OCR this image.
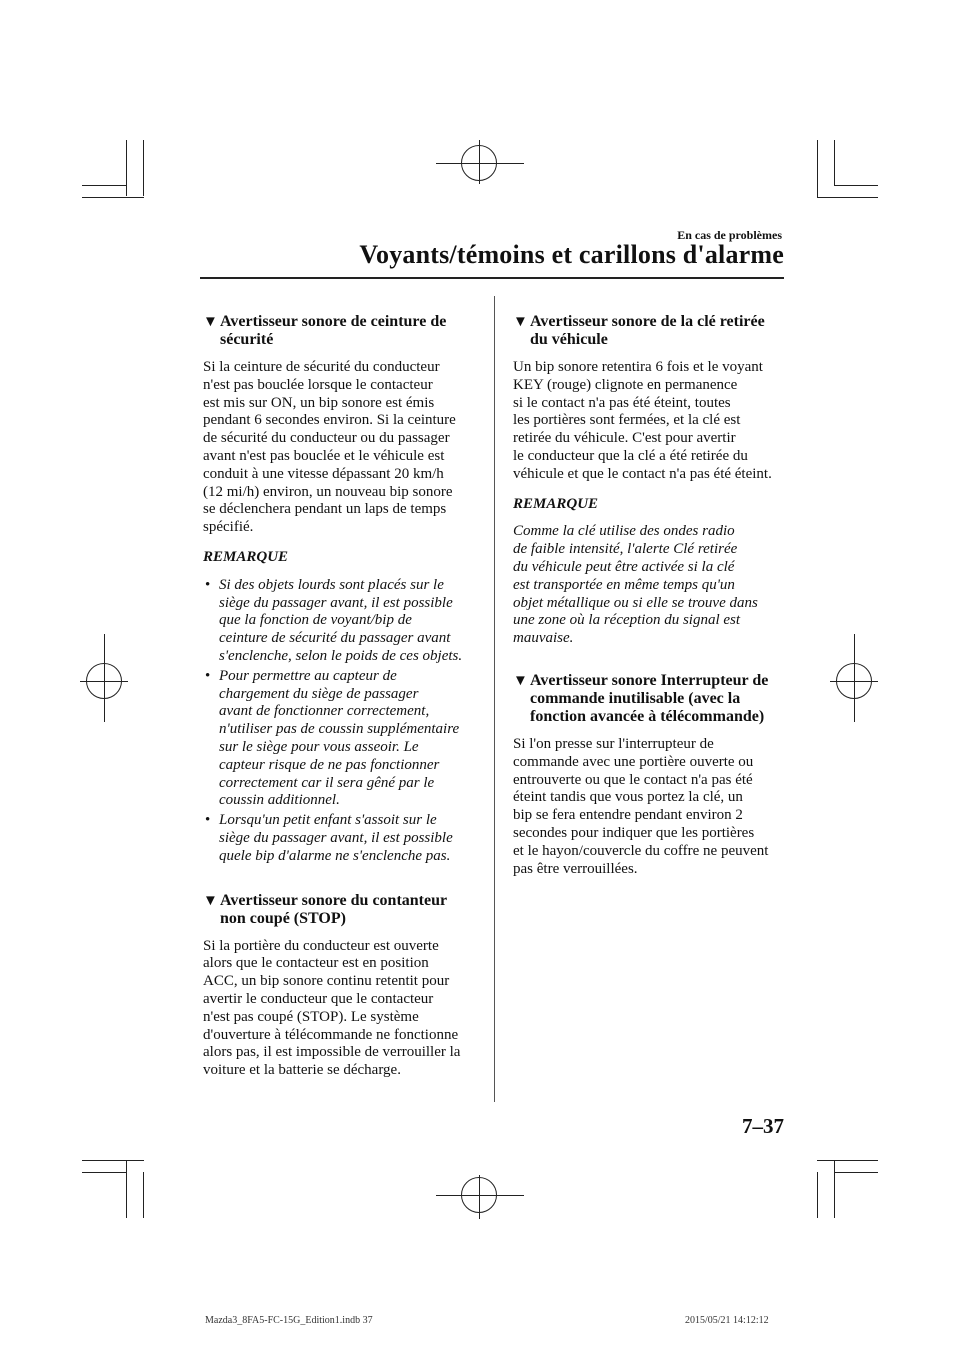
En cas de problèmes
Voyants/témoins et carillons d'alarme
▼ Avertisseur sonore de ceinture de
sécurité
Si la ceinture de sécurité du conducteur
n'est pas bouclée lorsque le contacteur
est mis sur ON, un bip sonore est émis
pendant 6 secondes environ. Si la ceinture
de sécurité du conducteur ou du passager
avant n'est pas bouclée et le véhicule est
conduit à une vitesse dépassant 20 km/h
(12 mi/h) environ, un nouveau bip sonore
se déclenchera pendant un laps de temps
spécifié.
REMARQUE
• Si des objets lourds sont placés sur le
siège du passager avant, il est possible
que la fonction de voyant/bip de
ceinture de sécurité du passager avant
s'enclenche, selon le poids de ces objets.
• Pour permettre au capteur de
chargement du siège de passager
avant de fonctionner correctement,
n'utiliser pas de coussin supplémentaire
sur le siège pour vous asseoir. Le
capteur risque de ne pas fonctionner
correctement car il sera gêné par le
coussin additionnel.
• Lorsqu'un petit enfant s'assoit sur le
siège du passager avant, il est possible
quele bip d'alarme ne s'enclenche pas.
▼ Avertisseur sonore du contanteur
non coupé (STOP)
Si la portière du conducteur est ouverte
alors que le contacteur est en position
ACC, un bip sonore continu retentit pour
avertir le conducteur que le contacteur
n'est pas coupé (STOP). Le système
d'ouverture à télécommande ne fonctionne
alors pas, il est impossible de verrouiller la
voiture et la batterie se décharge.
▼ Avertisseur sonore de la clé retirée
du véhicule
Un bip sonore retentira 6 fois et le voyant
KEY (rouge) clignote en permanence
si le contact n'a pas été éteint, toutes
les portières sont fermées, et la clé est
retirée du véhicule. C'est pour avertir
le conducteur que la clé a été retirée du
véhicule et que le contact n'a pas été éteint.
REMARQUE
Comme la clé utilise des ondes radio
de faible intensité, l'alerte Clé retirée
du véhicule peut être activée si la clé
est transportée en même temps qu'un
objet métallique ou si elle se trouve dans
une zone où la réception du signal est
mauvaise.
▼ Avertisseur sonore Interrupteur de
commande inutilisable (avec la
fonction avancée à télécommande)
Si l'on presse sur l'interrupteur de
commande avec une portière ouverte ou
entrouverte ou que le contact n'a pas été
éteint tandis que vous portez la clé, un
bip se fera entendre pendant environ 2
secondes pour indiquer que les portières
et le hayon/couvercle du coffre ne peuvent
pas être verrouillées.
7–37
Mazda3_8FA5-FC-15G_Edition1.indb 37	2015/05/21 14:12:12
